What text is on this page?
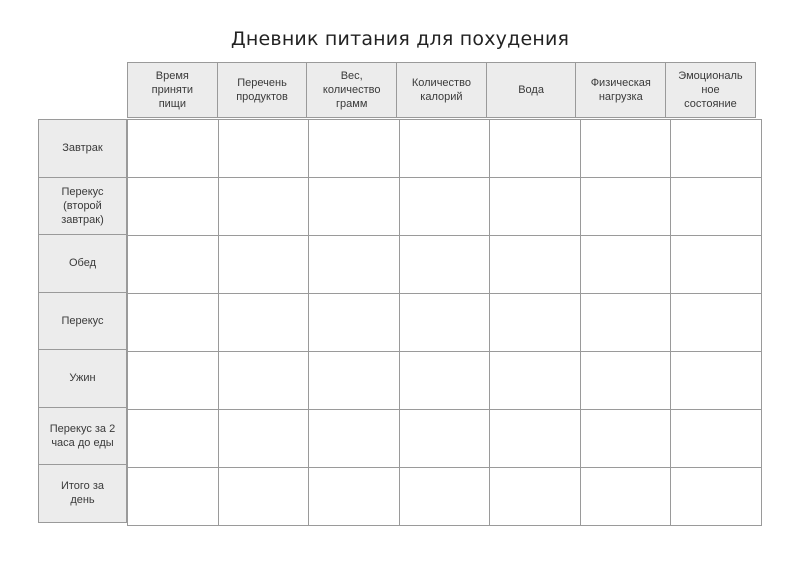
Дневник питания для похудения
Время
приняти
пищи
Перечень
продуктов
Вес,
количество
грамм
Количество
калорий
Вода
Физическая
нагрузка
Эмоциональ
ное
состояние
Завтрак
Перекус
(второй
завтрак)
Обед
Перекус
Ужин
Перекус за 2
часа до еды
Итого за
день
